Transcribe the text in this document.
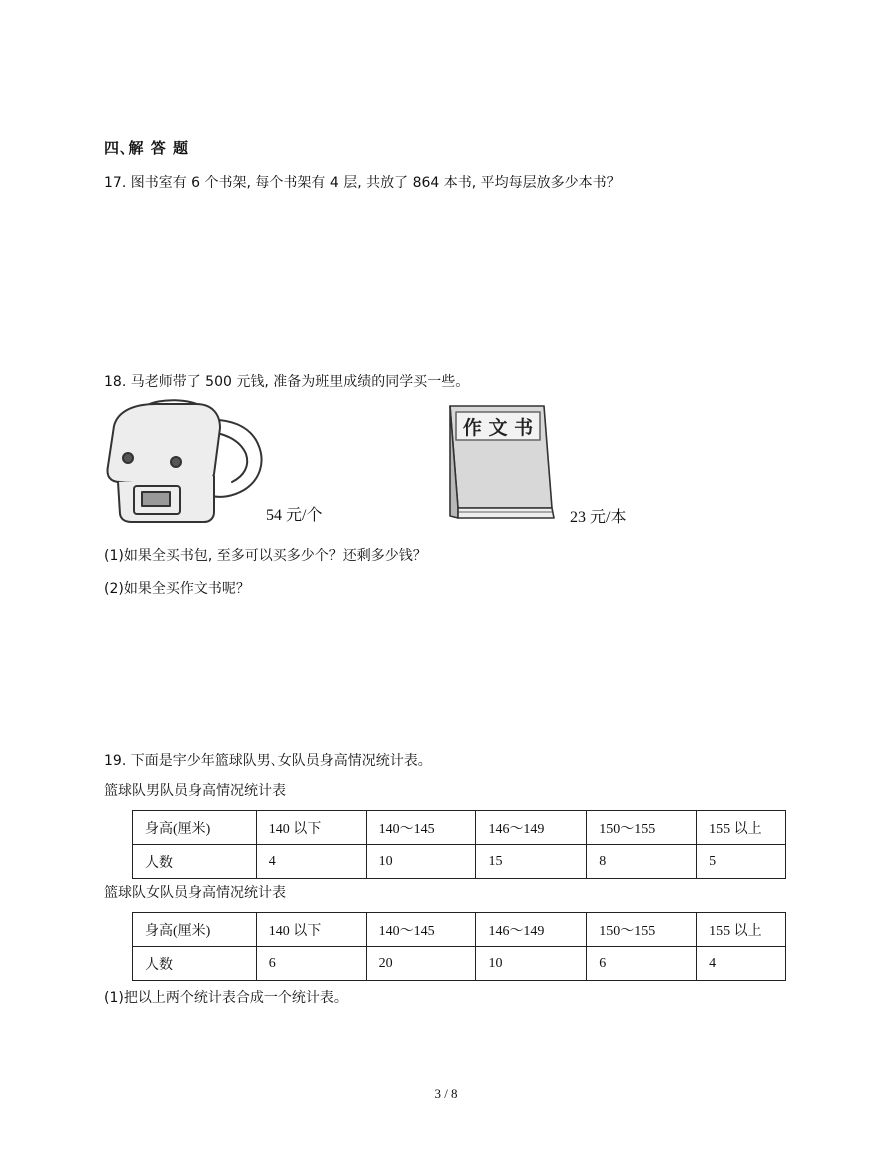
四､解 答 题
17. 图书室有 6 个书架, 每个书架有 4 层, 共放了 864 本书, 平均每层放多少本书？
18. 马老师带了 500 元钱, 准备为班里成绩的同学买一些。
54 元/个
作 文 书
23 元/本
(1)如果全买书包, 至多可以买多少个？还剩多少钱？
(2)如果全买作文书呢？
19. 下面是宇少年篮球队男､女队员身高情况统计表。
篮球队男队员身高情况统计表
身高(厘米)	140 以下	140～145	146～149	150～155	155 以上
人数	4	10	15	8	5
篮球队女队员身高情况统计表
身高(厘米)	140 以下	140～145	146～149	150～155	155 以上
人数	6	20	10	6	4
(1)把以上两个统计表合成一个统计表。
3 / 8
